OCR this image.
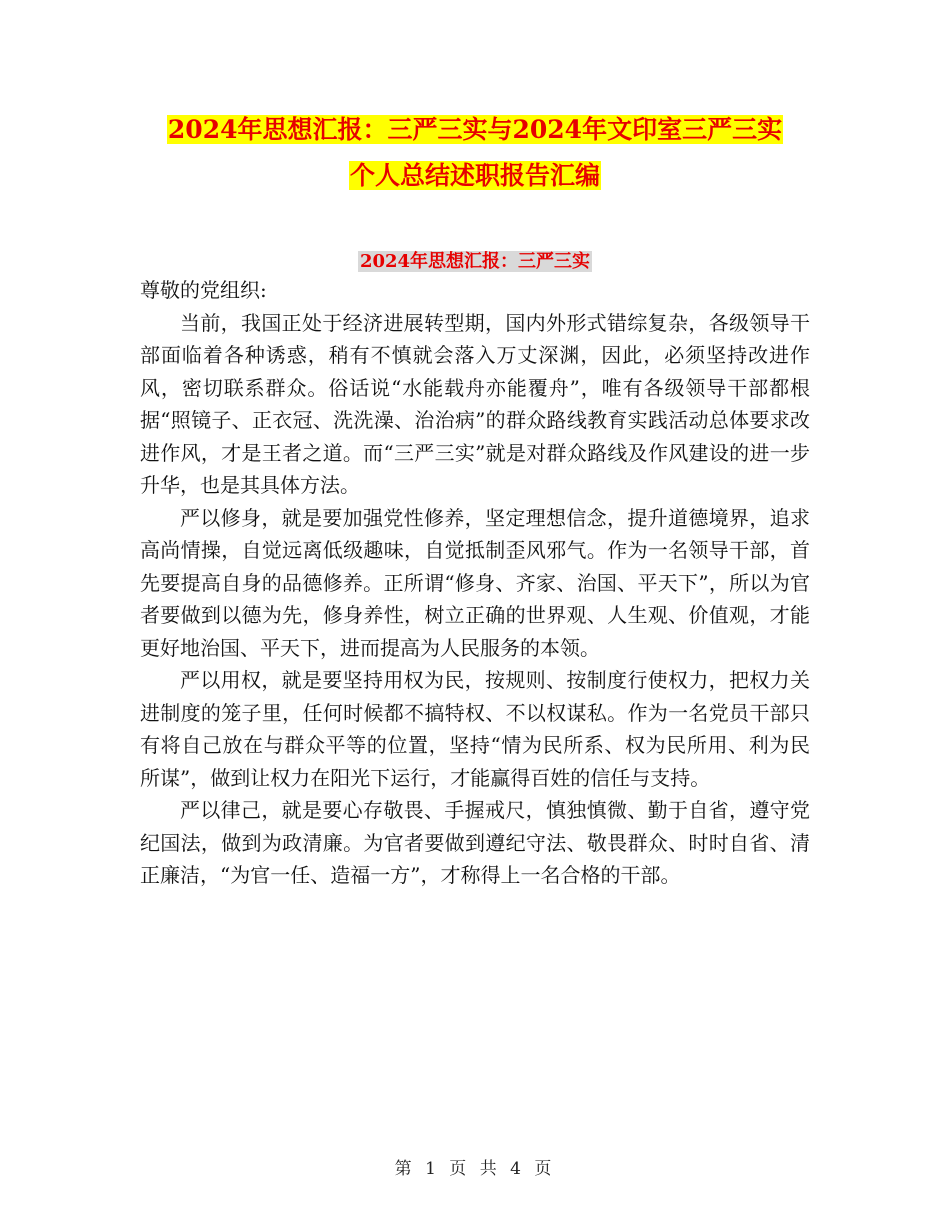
2024年思想汇报：三严三实与2024年文印室三严三实
个人总结述职报告汇编
2024年思想汇报：三严三实

尊敬的党组织:

当前，我国正处于经济进展转型期，国内外形式错综复杂，各级领导干部面临着各种诱惑，稍有不慎就会落入万丈深渊，因此，必须坚持改进作风，密切联系群众。俗话说“水能载舟亦能覆舟”，唯有各级领导干部都根据“照镜子、正衣冠、洗洗澡、治治病”的群众路线教育实践活动总体要求改进作风，才是王者之道。而“三严三实”就是对群众路线及作风建设的进一步升华，也是其具体方法。

严以修身，就是要加强党性修养，坚定理想信念，提升道德境界，追求高尚情操，自觉远离低级趣味，自觉抵制歪风邪气。作为一名领导干部，首先要提高自身的品德修养。正所谓“修身、齐家、治国、平天下”，所以为官者要做到以德为先，修身养性，树立正确的世界观、人生观、价值观，才能更好地治国、平天下，进而提高为人民服务的本领。

严以用权，就是要坚持用权为民，按规则、按制度行使权力，把权力关进制度的笼子里，任何时候都不搞特权、不以权谋私。作为一名党员干部只有将自己放在与群众平等的位置，坚持“情为民所系、权为民所用、利为民所谋”，做到让权力在阳光下运行，才能赢得百姓的信任与支持。

严以律己，就是要心存敬畏、手握戒尺，慎独慎微、勤于自省，遵守党纪国法，做到为政清廉。为官者要做到遵纪守法、敬畏群众、时时自省、清正廉洁，“为官一任、造福一方”，才称得上一名合格的干部。

第 1 页 共 4 页
